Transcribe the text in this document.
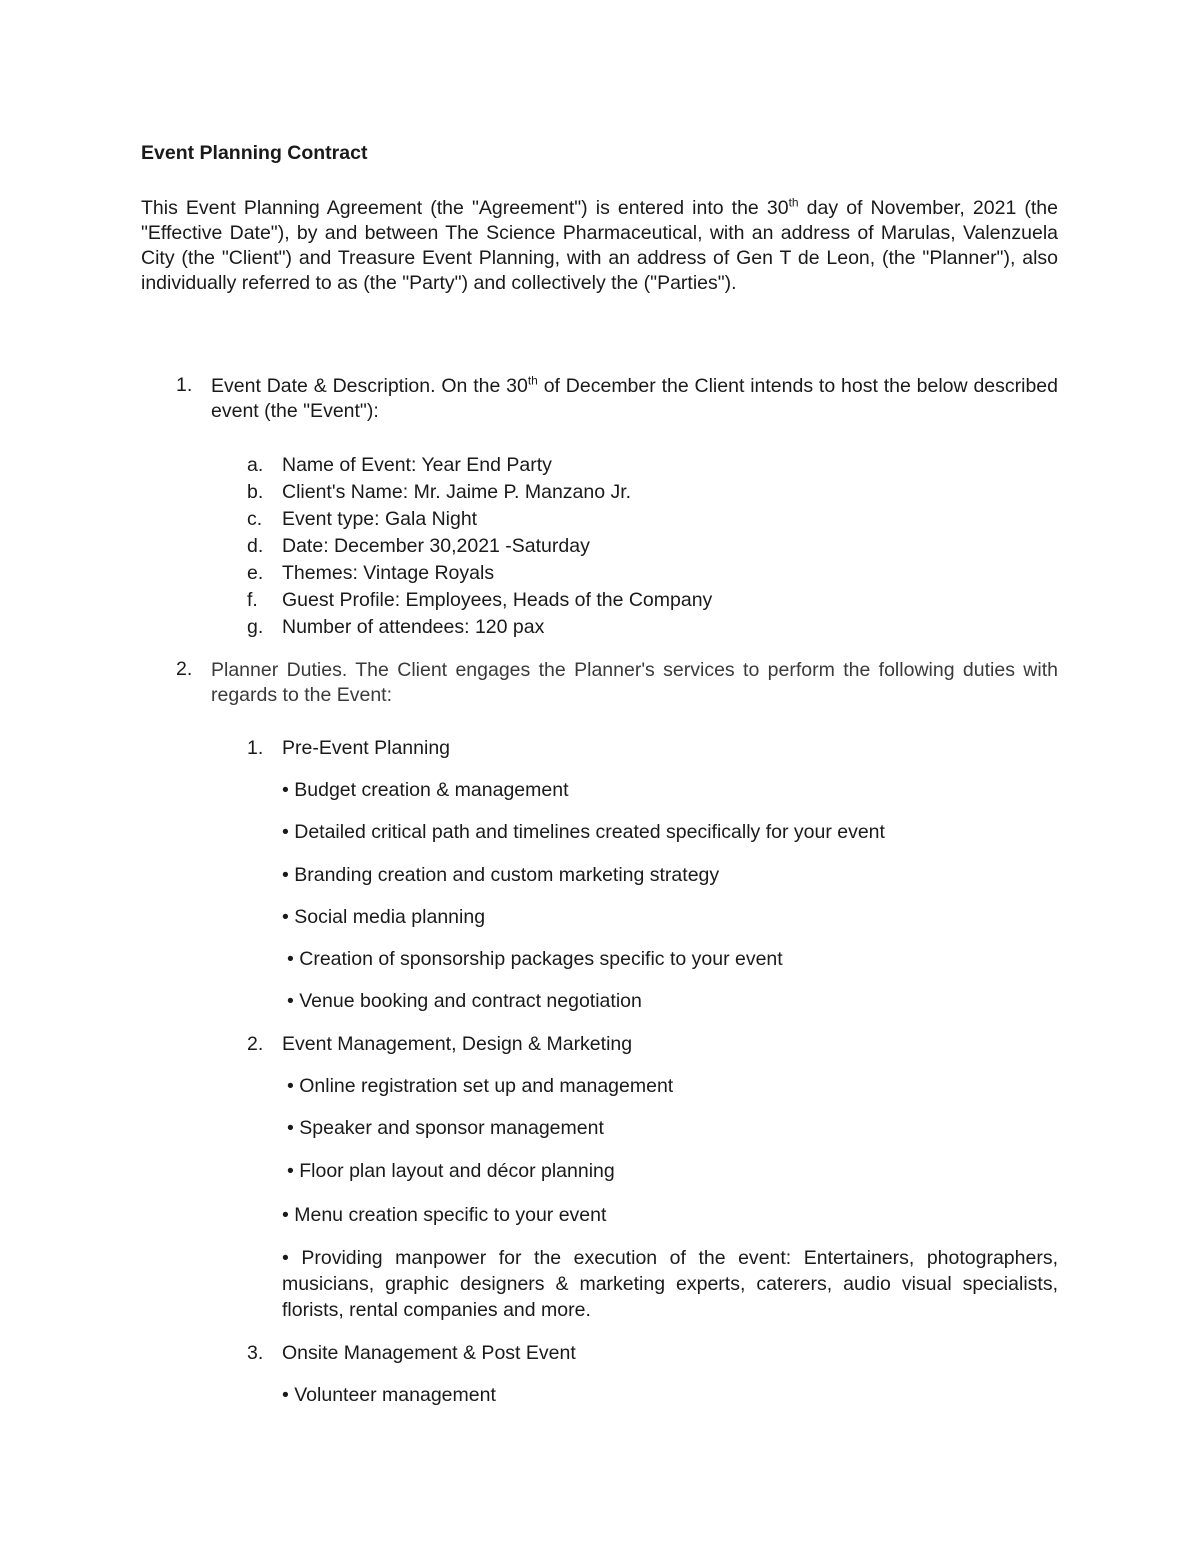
Event Planning Contract
This Event Planning Agreement (the "Agreement") is entered into the 30th day of November, 2021 (the "Effective Date"), by and between The Science Pharmaceutical, with an address of Marulas, Valenzuela City (the "Client") and Treasure Event Planning, with an address of Gen T de Leon, (the "Planner"), also individually referred to as (the "Party") and collectively the ("Parties").
1. Event Date & Description. On the 30th of December the Client intends to host the below described event (the "Event"):
a. Name of Event: Year End Party
b. Client's Name: Mr. Jaime P. Manzano Jr.
c. Event type: Gala Night
d. Date: December 30,2021 -Saturday
e. Themes: Vintage Royals
f. Guest Profile: Employees, Heads of the Company
g. Number of attendees: 120 pax
2. Planner Duties. The Client engages the Planner's services to perform the following duties with regards to the Event:
1. Pre-Event Planning
• Budget creation & management
• Detailed critical path and timelines created specifically for your event
• Branding creation and custom marketing strategy
• Social media planning
• Creation of sponsorship packages specific to your event
• Venue booking and contract negotiation
2. Event Management, Design & Marketing
• Online registration set up and management
• Speaker and sponsor management
• Floor plan layout and décor planning
• Menu creation specific to your event
• Providing manpower for the execution of the event: Entertainers, photographers, musicians, graphic designers & marketing experts, caterers, audio visual specialists, florists, rental companies and more.
3. Onsite Management & Post Event
• Volunteer management
